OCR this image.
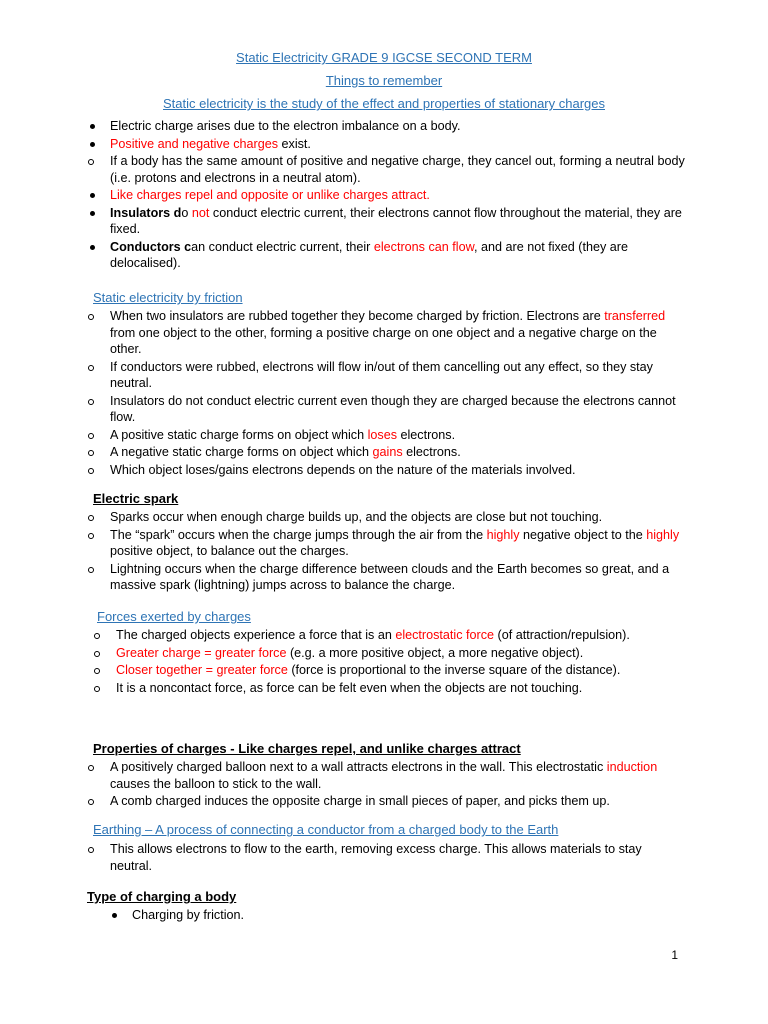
Static Electricity GRADE 9 IGCSE SECOND TERM
Things to remember
Static electricity is the study of the effect and properties of stationary charges
Electric charge arises due to the electron imbalance on a body.
Positive and negative charges exist.
If a body has the same amount of positive and negative charge, they cancel out, forming a neutral body (i.e. protons and electrons in a neutral atom).
Like charges repel and opposite or unlike charges attract.
Insulators do not conduct electric current, their electrons cannot flow throughout the material, they are fixed.
Conductors can conduct electric current, their electrons can flow, and are not fixed (they are delocalised).
Static electricity by friction
When two insulators are rubbed together they become charged by friction. Electrons are transferred from one object to the other, forming a positive charge on one object and a negative charge on the other.
If conductors were rubbed, electrons will flow in/out of them cancelling out any effect, so they stay neutral.
Insulators do not conduct electric current even though they are charged because the electrons cannot flow.
A positive static charge forms on object which loses electrons.
A negative static charge forms on object which gains electrons.
Which object loses/gains electrons depends on the nature of the materials involved.
Electric spark
Sparks occur when enough charge builds up, and the objects are close but not touching.
The “spark” occurs when the charge jumps through the air from the highly negative object to the highly positive object, to balance out the charges.
Lightning occurs when the charge difference between clouds and the Earth becomes so great, and a massive spark (lightning) jumps across to balance the charge.
Forces exerted by charges
The charged objects experience a force that is an electrostatic force (of attraction/repulsion).
Greater charge = greater force (e.g. a more positive object, a more negative object).
Closer together = greater force (force is proportional to the inverse square of the distance).
It is a noncontact force, as force can be felt even when the objects are not touching.
Properties of charges - Like charges repel, and unlike charges attract
A positively charged balloon next to a wall attracts electrons in the wall. This electrostatic induction causes the balloon to stick to the wall.
A comb charged induces the opposite charge in small pieces of paper, and picks them up.
Earthing – A process of connecting a conductor from a charged body to the Earth
This allows electrons to flow to the earth, removing excess charge. This allows materials to stay neutral.
Type of charging a body
Charging by friction.
1
